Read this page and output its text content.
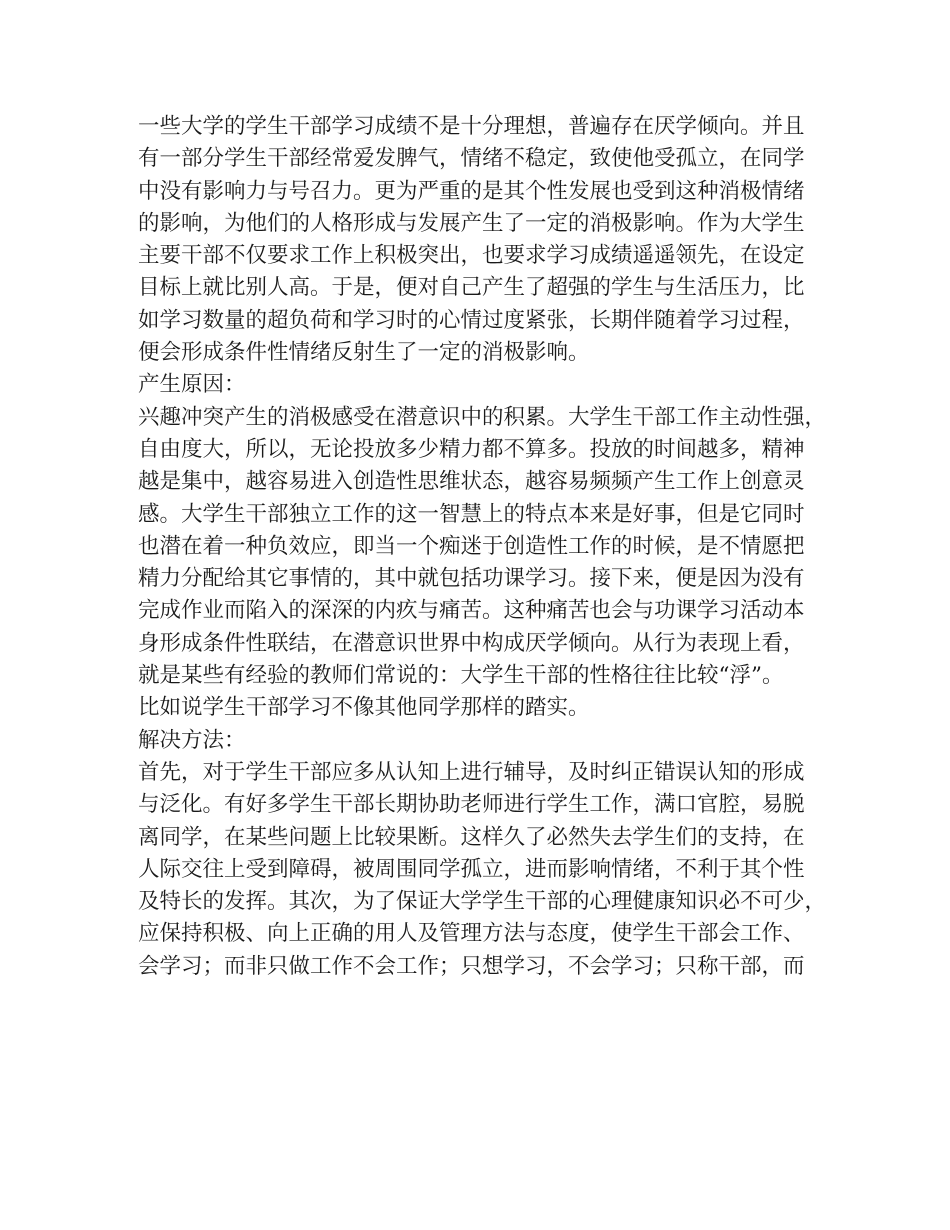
一些大学的学生干部学习成绩不是十分理想，普遍存在厌学倾向。并且
有一部分学生干部经常爱发脾气，情绪不稳定，致使他受孤立，在同学
中没有影响力与号召力。更为严重的是其个性发展也受到这种消极情绪
的影响，为他们的人格形成与发展产生了一定的消极影响。作为大学生
主要干部不仅要求工作上积极突出，也要求学习成绩遥遥领先，在设定
目标上就比别人高。于是，便对自己产生了超强的学生与生活压力，比
如学习数量的超负荷和学习时的心情过度紧张，长期伴随着学习过程，
便会形成条件性情绪反射生了一定的消极影响。
产生原因：
兴趣冲突产生的消极感受在潜意识中的积累。大学生干部工作主动性强，
自由度大，所以，无论投放多少精力都不算多。投放的时间越多，精神
越是集中，越容易进入创造性思维状态，越容易频频产生工作上创意灵
感。大学生干部独立工作的这一智慧上的特点本来是好事，但是它同时
也潜在着一种负效应，即当一个痴迷于创造性工作的时候，是不情愿把
精力分配给其它事情的，其中就包括功课学习。接下来，便是因为没有
完成作业而陷入的深深的内疚与痛苦。这种痛苦也会与功课学习活动本
身形成条件性联结，在潜意识世界中构成厌学倾向。从行为表现上看，
就是某些有经验的教师们常说的：大学生干部的性格往往比较“浮”。
比如说学生干部学习不像其他同学那样的踏实。
解决方法：
首先，对于学生干部应多从认知上进行辅导，及时纠正错误认知的形成
与泛化。有好多学生干部长期协助老师进行学生工作，满口官腔，易脱
离同学，在某些问题上比较果断。这样久了必然失去学生们的支持，在
人际交往上受到障碍，被周围同学孤立，进而影响情绪，不利于其个性
及特长的发挥。其次，为了保证大学学生干部的心理健康知识必不可少，
应保持积极、向上正确的用人及管理方法与态度，使学生干部会工作、
会学习；而非只做工作不会工作；只想学习，不会学习；只称干部，而
